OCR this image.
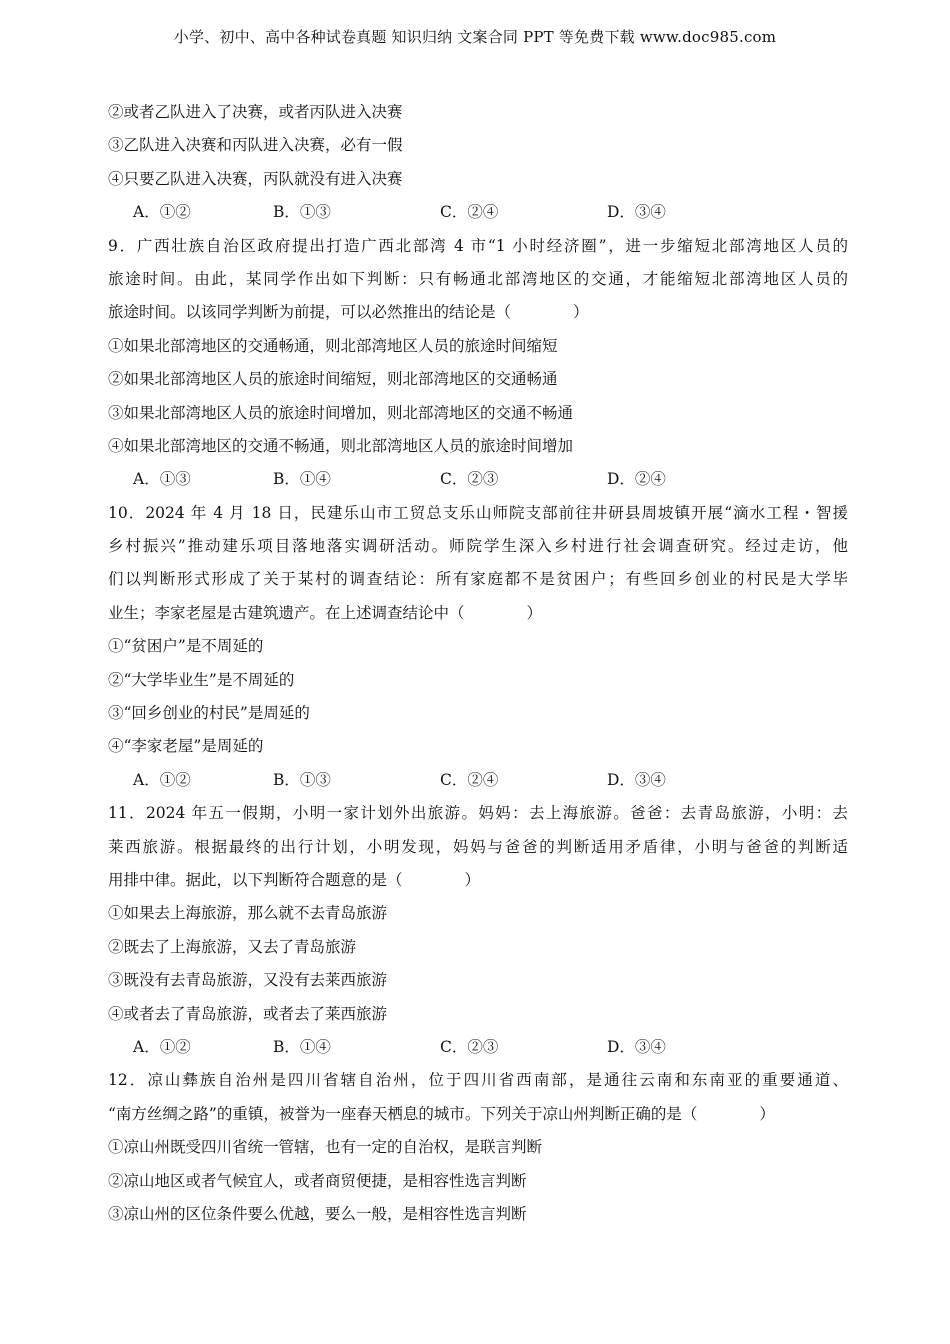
小学、初中、高中各种试卷真题 知识归纳 文案合同 PPT 等免费下载 www.doc985.com
②或者乙队进入了决赛，或者丙队进入决赛
③乙队进入决赛和丙队进入决赛，必有一假
④只要乙队进入决赛，丙队就没有进入决赛
A．①②	B．①③	C．②④	D．③④
9．广西壮族自治区政府提出打造广西北部湾 4 市“1 小时经济圈”，进一步缩短北部湾地区人员的
旅途时间。由此，某同学作出如下判断：只有畅通北部湾地区的交通，才能缩短北部湾地区人员的
旅途时间。以该同学判断为前提，可以必然推出的结论是（　　　　）
①如果北部湾地区的交通畅通，则北部湾地区人员的旅途时间缩短
②如果北部湾地区人员的旅途时间缩短，则北部湾地区的交通畅通
③如果北部湾地区人员的旅途时间增加，则北部湾地区的交通不畅通
④如果北部湾地区的交通不畅通，则北部湾地区人员的旅途时间增加
A．①③	B．①④	C．②③	D．②④
10．2024 年 4 月 18 日，民建乐山市工贸总支乐山师院支部前往井研县周坡镇开展“滴水工程・智援
乡村振兴”推动建乐项目落地落实调研活动。师院学生深入乡村进行社会调查研究。经过走访，他
们以判断形式形成了关于某村的调查结论：所有家庭都不是贫困户；有些回乡创业的村民是大学毕
业生；李家老屋是古建筑遗产。在上述调查结论中（　　　　）
①“贫困户”是不周延的
②“大学毕业生”是不周延的
③“回乡创业的村民”是周延的
④“李家老屋”是周延的
A．①②	B．①③	C．②④	D．③④
11．2024 年五一假期，小明一家计划外出旅游。妈妈：去上海旅游。爸爸：去青岛旅游，小明：去
莱西旅游。根据最终的出行计划，小明发现，妈妈与爸爸的判断适用矛盾律，小明与爸爸的判断适
用排中律。据此，以下判断符合题意的是（　　　　）
①如果去上海旅游，那么就不去青岛旅游
②既去了上海旅游，又去了青岛旅游
③既没有去青岛旅游，又没有去莱西旅游
④或者去了青岛旅游，或者去了莱西旅游
A．①②	B．①④	C．②③	D．③④
12．凉山彝族自治州是四川省辖自治州，位于四川省西南部，是通往云南和东南亚的重要通道、
“南方丝绸之路”的重镇，被誉为一座春天栖息的城市。下列关于凉山州判断正确的是（　　　　）
①凉山州既受四川省统一管辖，也有一定的自治权，是联言判断
②凉山地区或者气候宜人，或者商贸便捷，是相容性选言判断
③凉山州的区位条件要么优越，要么一般，是相容性选言判断
